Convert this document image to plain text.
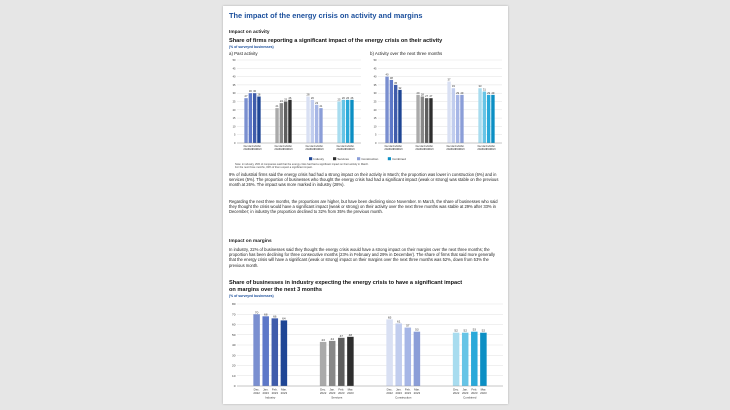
The impact of the energy crisis on activity and margins
Impact on activity
Share of firms reporting a significant impact of the energy crisis on their activity
(% of surveyed businesses)
a) Past activity	b) Activity over the next three months
0
5
10
15
20
25
30
35
40
45
50
27
Dec.
2022
30
Jan.
2023
30
Feb.
2023
28
Mar.
2023
21
Dec.
2022
24
Jan.
2023
25
Feb.
2023
26
Mar.
2023
28
Dec.
2022
26
Jan.
2023
23
Feb.
2023
21
Mar.
2023
25
Dec.
2022
26
Jan.
2023
26
Feb.
2023
26
Mar.
2023
0
5
10
15
20
25
30
35
40
45
50
40
Dec.
2022
38
Jan.
2023
35
Feb.
2023
32
Mar.
2023
29
Dec.
2022
28
Jan.
2023
27
Feb.
2023
27
Mar.
2023
37
Dec.
2022
33
Jan.
2023
29
Feb.
2023
29
Mar.
2023
33
Dec.
2022
31
Jan.
2023
29
Feb.
2023
29
Mar.
2023
Industry	Services	Construction	Combined
Note: in industry, 29% of companies said that the energy crisis had had a significant impact on their activity in March.
For the next three months, 32% of them expect a significant impact.
9% of industrial firms said the energy crisis had had a strong impact on their activity in March; the proportion was lower in construction (6%) and in services (5%). The proportion of businesses who thought the energy crisis had had a significant impact (weak or strong) was stable on the previous month at 26%. The impact was more marked in industry (28%).
Regarding the next three months, the proportions are higher, but have been declining since November. In March, the share of businesses who said they thought the crisis would have a significant impact (weak or strong) on their activity over the next three months was stable at 29% after 33% in December; in industry the proportion declined to 32% from 35% the previous month.
Impact on margins
In industry, 22% of businesses said they thought the energy crisis would have a strong impact on their margins over the next three months; the proportion has been declining for three consecutive months (23% in February and 29% in December). The share of firms that said more generally that the energy crisis will have a significant (weak or strong) impact on their margins over the next three months was 52%, down from 53% the previous month.
Share of businesses in industry expecting the energy crisis to have a significant impact
on margins over the next 3 months
(% of surveyed businesses)
0
10
20
30
40
50
60
70
80
70
Dec.
2022
68
Jan.
2023
66
Feb.
2023
64
Mar.
2023
Industry
43
Dec.
2022
44
Jan.
2023
47
Feb.
2023
48
Mar.
2023
Services
65
Dec.
2022
61
Jan.
2023
57
Feb.
2023
53
Mar.
2023
Construction
52
Dec.
2022
52
Jan.
2023
53
Feb.
2023
52
Mar.
2023
Combined
